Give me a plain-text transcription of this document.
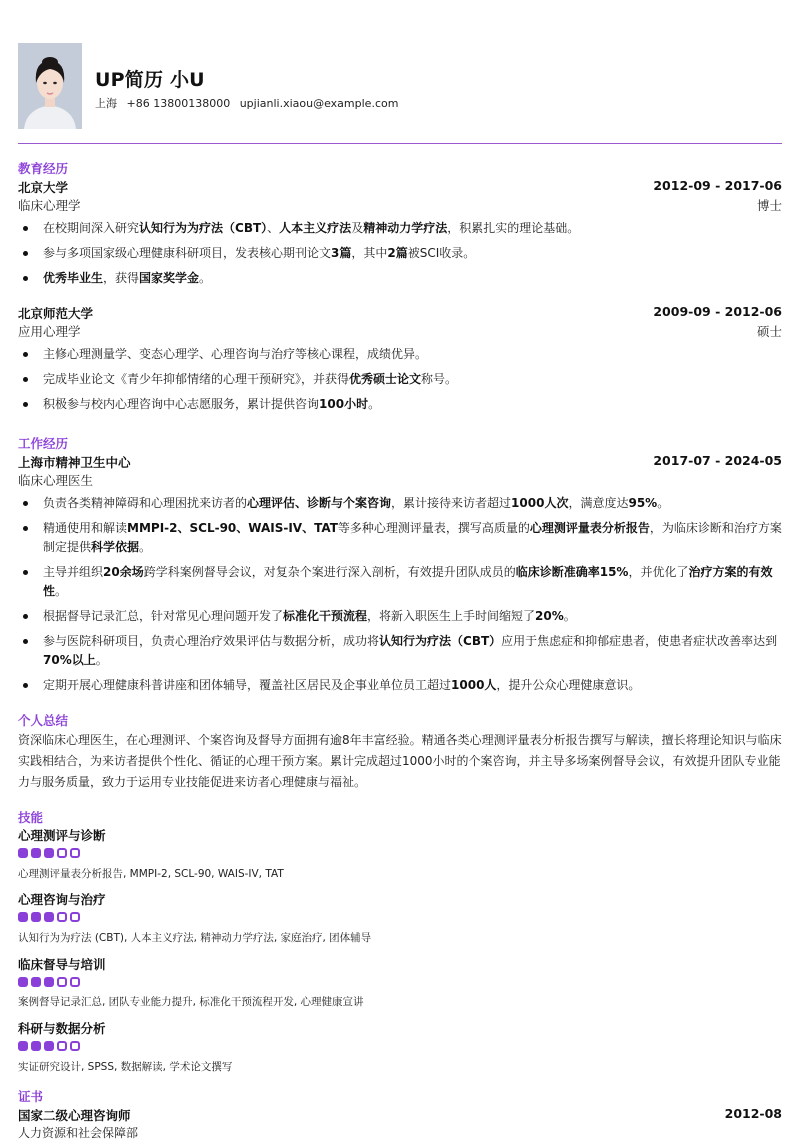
UP简历 小U
上海 +86 13800138000 upjianli.xiaou@example.com
教育经历
北京大学	2012-09 - 2017-06
临床心理学	博士
在校期间深入研究认知行为为疗法（CBT）、人本主义疗法及精神动力学疗法，积累扎实的理论基础。
参与多项国家级心理健康科研项目，发表核心期刊论文3篇，其中2篇被SCI收录。
优秀毕业生，获得国家奖学金。
北京师范大学	2009-09 - 2012-06
应用心理学	硕士
主修心理测量学、变态心理学、心理咨询与治疗等核心课程，成绩优异。
完成毕业论文《青少年抑郁情绪的心理干预研究》，并获得优秀硕士论文称号。
积极参与校内心理咨询中心志愿服务，累计提供咨询100小时。
工作经历
上海市精神卫生中心	2017-07 - 2024-05
临床心理医生
负责各类精神障碍和心理困扰来访者的心理评估、诊断与个案咨询，累计接待来访者超过1000人次，满意度达95%。
精通使用和解读MMPI-2、SCL-90、WAIS-IV、TAT等多种心理测评量表，撰写高质量的心理测评量表分析报告，为临床诊断和治疗方案制定提供科学依据。
主导并组织20余场跨学科案例督导会议，对复杂个案进行深入剖析，有效提升团队成员的临床诊断准确率15%，并优化了治疗方案的有效性。
根据督导记录汇总，针对常见心理问题开发了标准化干预流程，将新入职医生上手时间缩短了20%。
参与医院科研项目，负责心理治疗效果评估与数据分析，成功将认知行为疗法（CBT）应用于焦虑症和抑郁症患者，使患者症状改善率达到70%以上。
定期开展心理健康科普讲座和团体辅导，覆盖社区居民及企事业单位员工超过1000人，提升公众心理健康意识。
个人总结
资深临床心理医生，在心理测评、个案咨询及督导方面拥有逾8年丰富经验。精通各类心理测评量表分析报告撰写与解读，擅长将理论知识与临床实践相结合，为来访者提供个性化、循证的心理干预方案。累计完成超过1000小时的个案咨询，并主导多场案例督导会议，有效提升团队专业能力与服务质量，致力于运用专业技能促进来访者心理健康与福祉。
技能
心理测评与诊断
心理测评量表分析报告, MMPI-2, SCL-90, WAIS-IV, TAT
心理咨询与治疗
认知行为为疗法 (CBT), 人本主义疗法, 精神动力学疗法, 家庭治疗, 团体辅导
临床督导与培训
案例督导记录汇总, 团队专业能力提升, 标准化干预流程开发, 心理健康宣讲
科研与数据分析
实证研究设计, SPSS, 数据解读, 学术论文撰写
证书
国家二级心理咨询师	2012-08
人力资源和社会保障部
